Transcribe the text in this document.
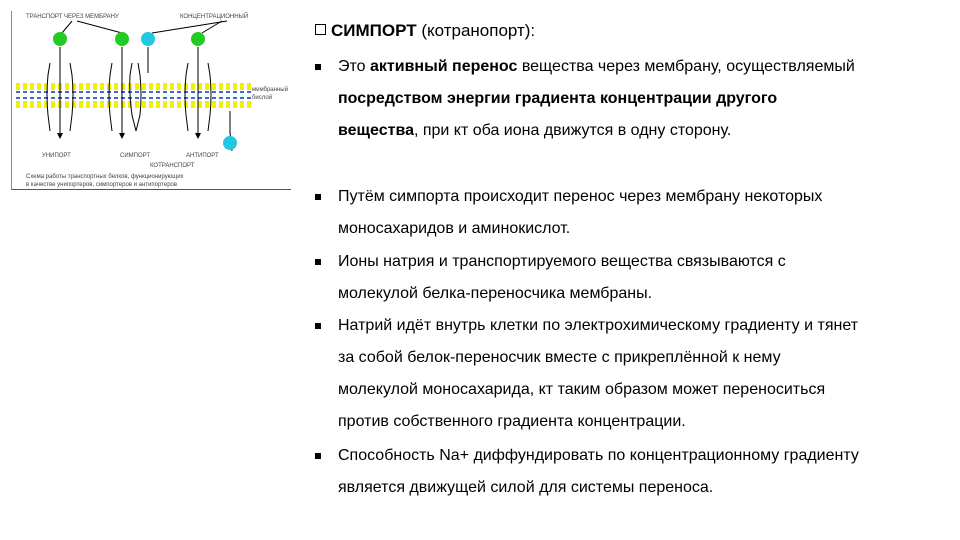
ТРАНСПОРТ ЧЕРЕЗ МЕМБРАНУ	КОНЦЕНТРАЦИОННЫЙ
мембранный
бислой
УНИПОРТ	СИМПОРТ	АНТИПОРТ
КОТРАНСПОРТ
Схема работы транспортных белков, функционирующих
в качестве унипортеров, симпортеров и антипортеров
СИМПОРТ (котранопорт):
Это активный перенос вещества через мембрану, осуществляемый
посредством энергии градиента концентрации другого
вещества, при кт оба иона движутся в одну сторону.
Путём симпорта происходит перенос через мембрану некоторых
моносахаридов и аминокислот.
Ионы натрия и транспортируемого вещества связываются с
молекулой белка-переносчика мембраны.
Натрий идёт внутрь клетки по электрохимическому градиенту и тянет
за собой белок-переносчик вместе с прикреплённой к нему
молекулой моносахарида, кт таким образом может переноситься
против собственного градиента концентрации.
Способность Na+ диффундировать по концентрационному градиенту
является движущей силой для системы переноса.
